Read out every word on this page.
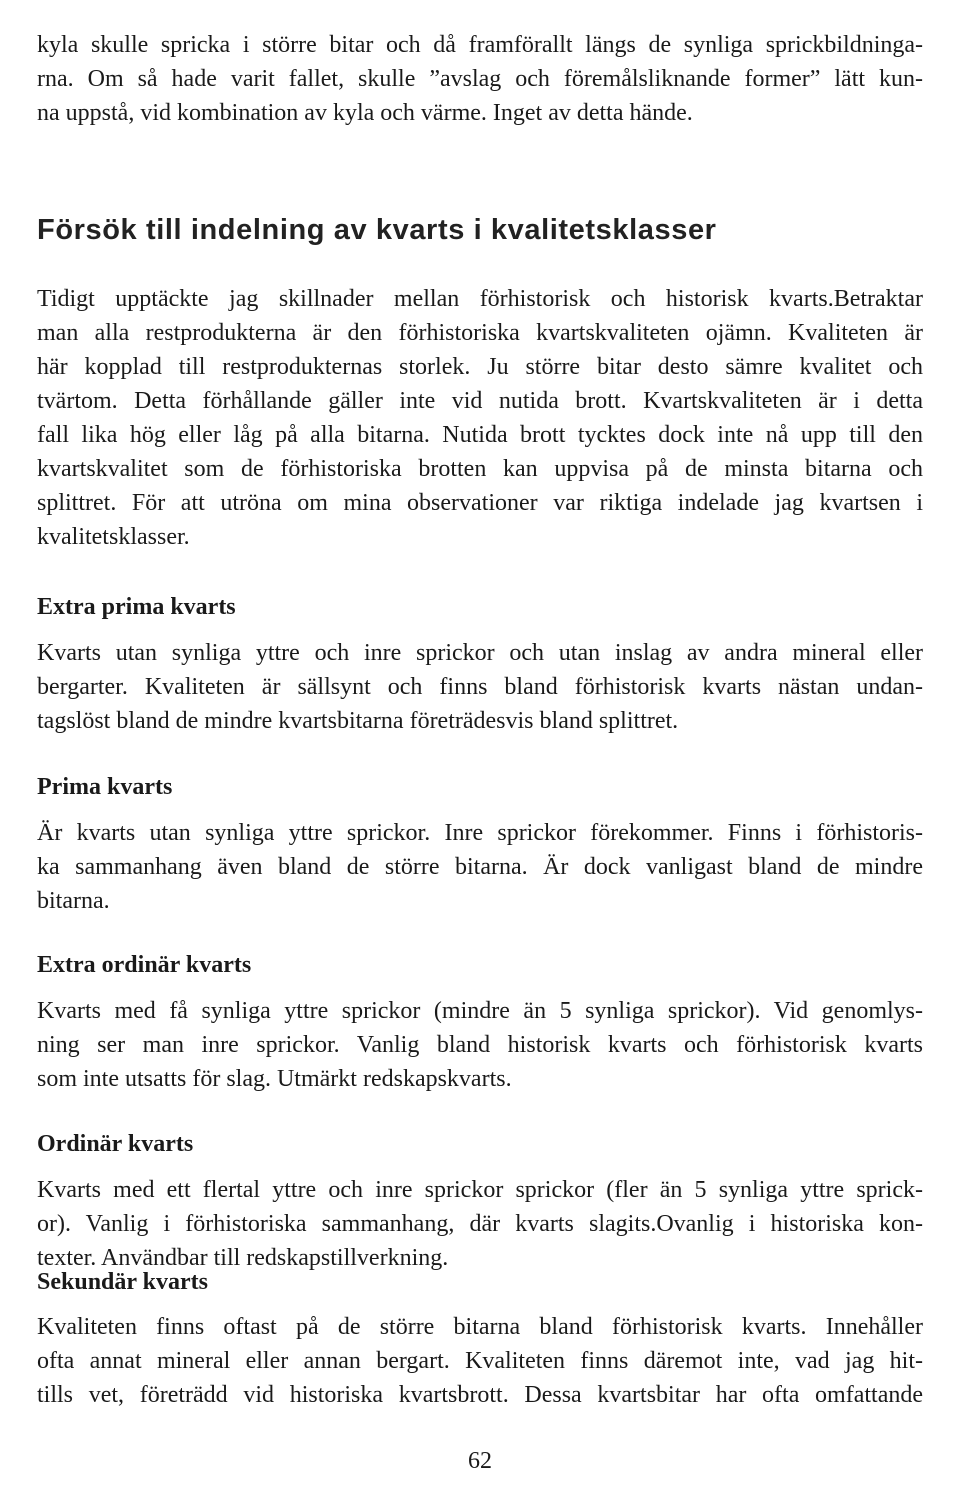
kyla skulle spricka i större bitar och då framförallt längs de synliga sprickbildninga-
rna. Om så hade varit fallet, skulle ”avslag och föremålsliknande former” lätt kun-
na uppstå, vid kombination av kyla och värme. Inget av detta hände.
Försök till indelning av kvarts i kvalitetsklasser
Tidigt upptäckte jag skillnader mellan förhistorisk och historisk kvarts.Betraktar
man alla restprodukterna är den förhistoriska kvartskvaliteten ojämn. Kvaliteten är
här kopplad till restprodukternas storlek. Ju större bitar desto sämre kvalitet och
tvärtom. Detta förhållande gäller inte vid nutida brott. Kvartskvaliteten är i detta
fall lika hög eller låg på alla bitarna. Nutida brott tycktes dock inte nå upp till den
kvartskvalitet som de förhistoriska brotten kan uppvisa på de minsta bitarna och
splittret. För att utröna om mina observationer var riktiga indelade jag kvartsen i
kvalitetsklasser.
Extra prima kvarts
Kvarts utan synliga yttre och inre sprickor och utan inslag av andra mineral eller
bergarter. Kvaliteten är sällsynt och finns bland förhistorisk kvarts nästan undan-
tagslöst bland de mindre kvartsbitarna företrädesvis bland splittret.
Prima kvarts
Är kvarts utan synliga yttre sprickor. Inre sprickor förekommer. Finns i förhistoris-
ka sammanhang även bland de större bitarna. Är dock vanligast bland de mindre
bitarna.
Extra ordinär kvarts
Kvarts med få synliga yttre sprickor (mindre än 5 synliga sprickor). Vid genomlys-
ning ser man inre sprickor. Vanlig bland historisk kvarts och förhistorisk kvarts
som inte utsatts för slag. Utmärkt redskapskvarts.
Ordinär kvarts
Kvarts med ett flertal yttre och inre sprickor sprickor (fler än 5 synliga yttre sprick-
or). Vanlig i förhistoriska sammanhang, där kvarts slagits.Ovanlig i historiska kon-
texter. Användbar till redskapstillverkning.
Sekundär kvarts
Kvaliteten finns oftast på de större bitarna bland förhistorisk kvarts. Innehåller
ofta annat mineral eller annan bergart. Kvaliteten finns däremot inte, vad jag hit-
tills vet, företrädd vid historiska kvartsbrott. Dessa kvartsbitar har ofta omfattande
62
